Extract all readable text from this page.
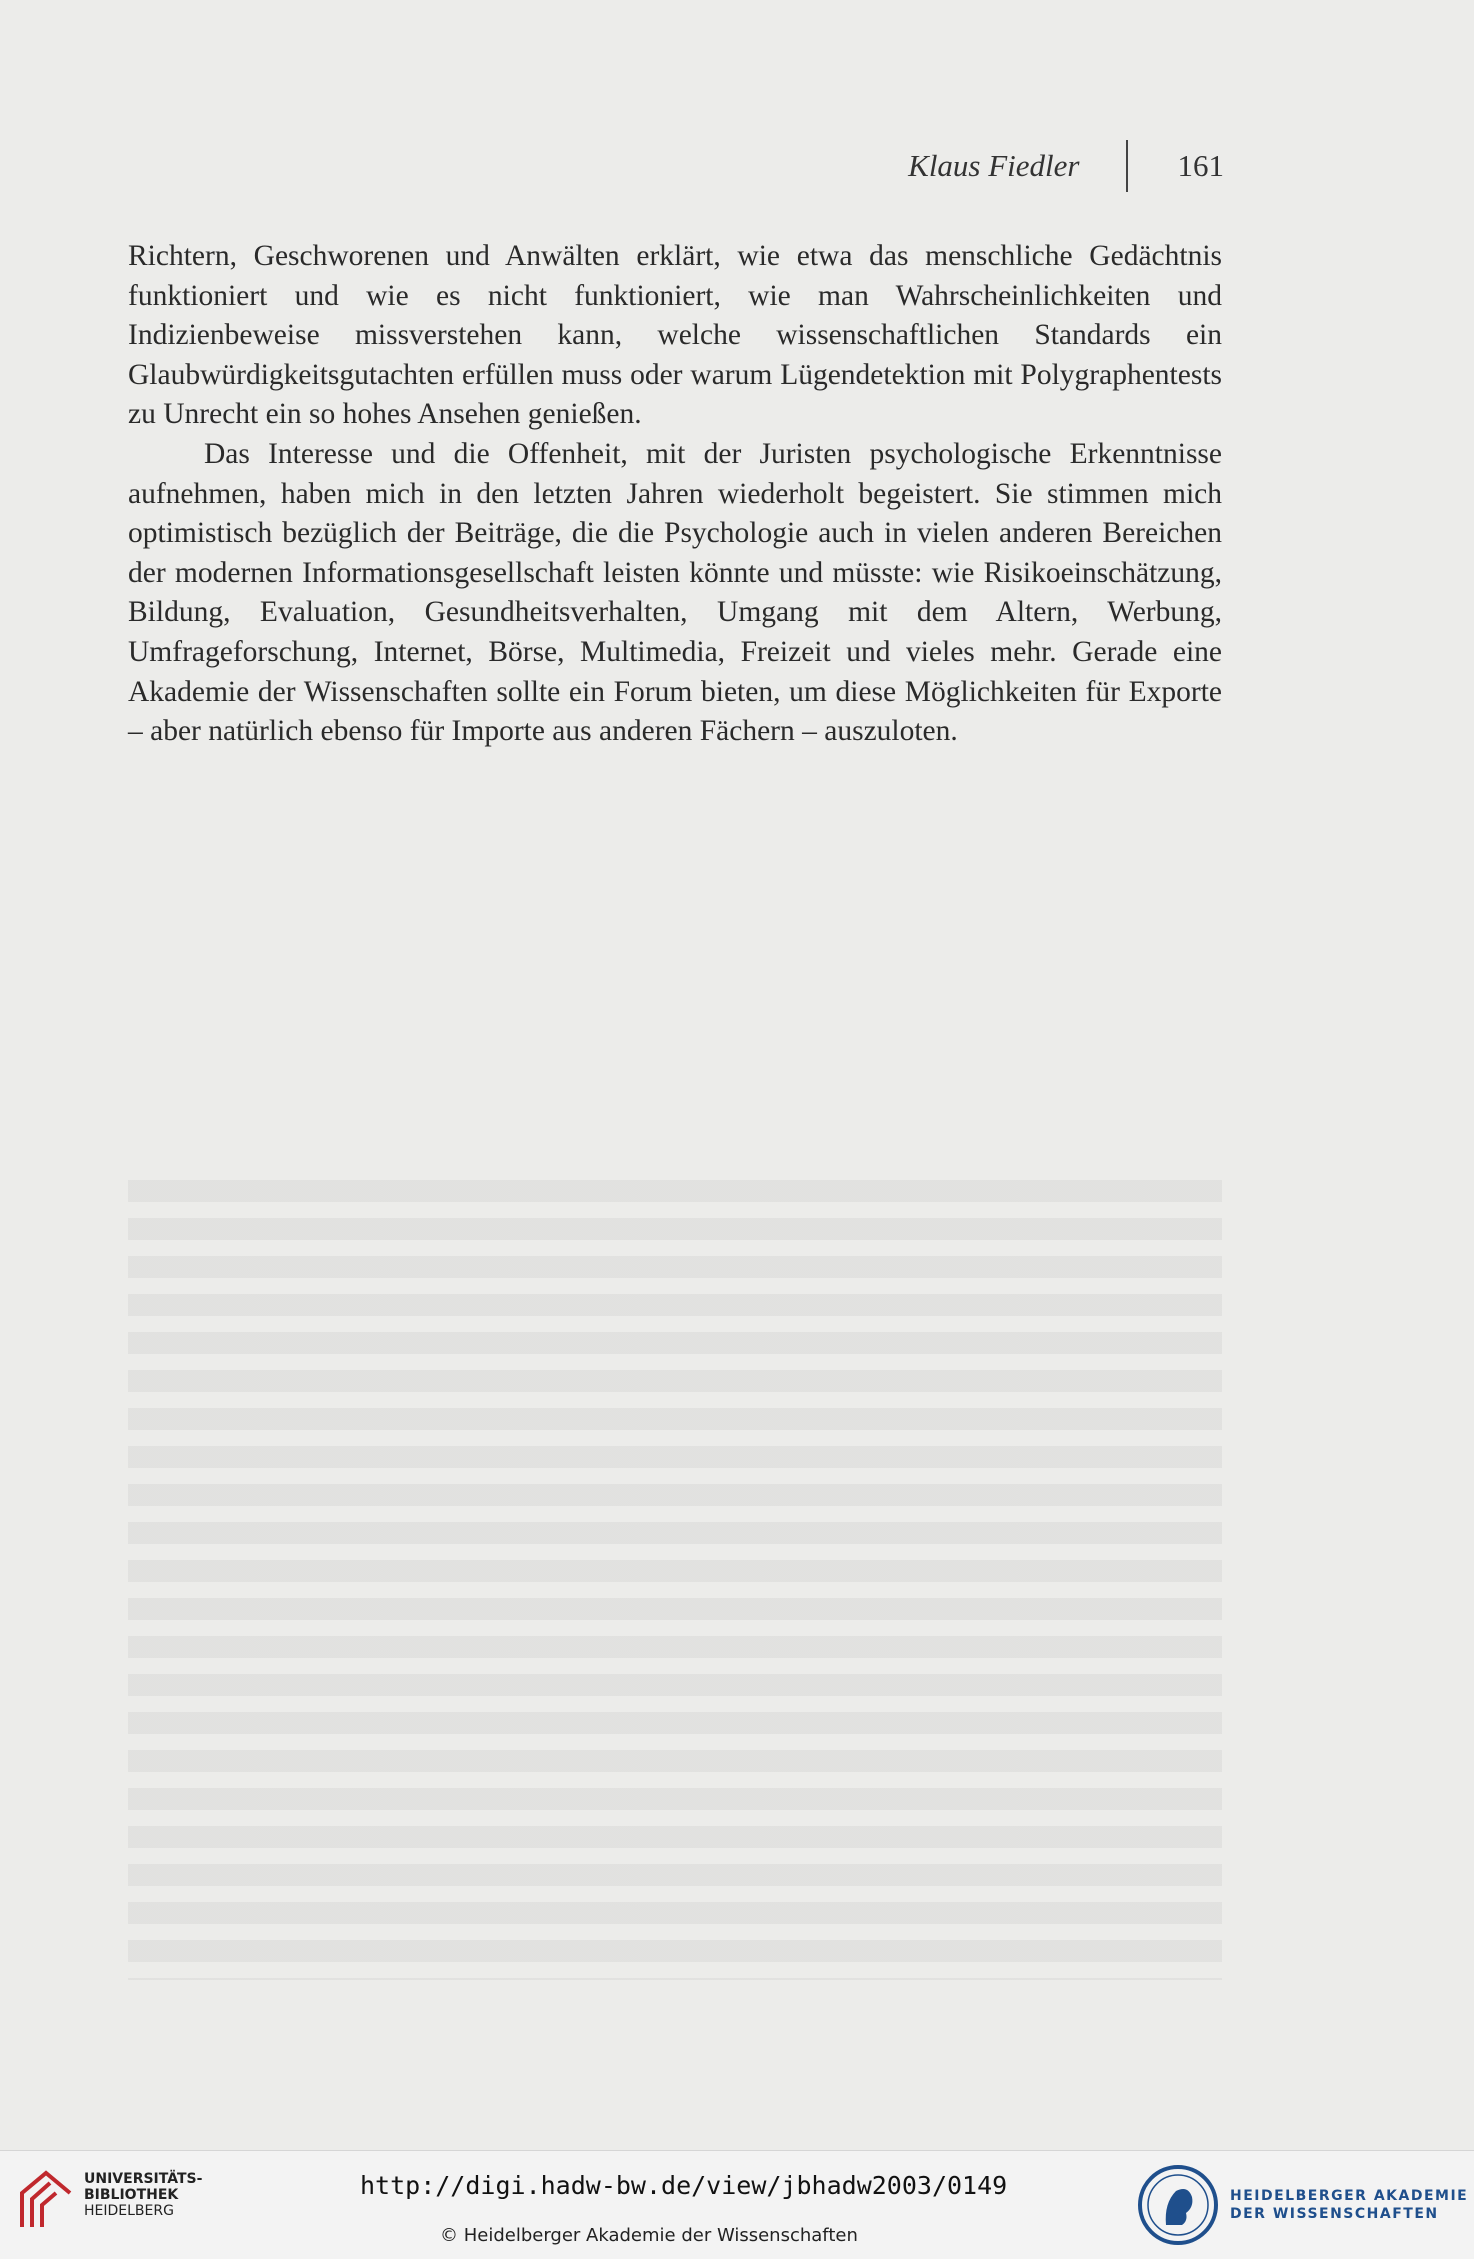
Klaus Fiedler	161

Richtern, Geschworenen und Anwälten erklärt, wie etwa das menschliche Gedächtnis funktioniert und wie es nicht funktioniert, wie man Wahrscheinlichkeiten und Indizienbeweise missverstehen kann, welche wissenschaftlichen Standards ein Glaubwürdigkeitsgutachten erfüllen muss oder warum Lügendetektion mit Polygraphentests zu Unrecht ein so hohes Ansehen genießen.

Das Interesse und die Offenheit, mit der Juristen psychologische Erkenntnisse aufnehmen, haben mich in den letzten Jahren wiederholt begeistert. Sie stimmen mich optimistisch bezüglich der Beiträge, die die Psychologie auch in vielen anderen Bereichen der modernen Informationsgesellschaft leisten könnte und müsste: wie Risikoeinschätzung, Bildung, Evaluation, Gesundheitsverhalten, Umgang mit dem Altern, Werbung, Umfrageforschung, Internet, Börse, Multimedia, Freizeit und vieles mehr. Gerade eine Akademie der Wissenschaften sollte ein Forum bieten, um diese Möglichkeiten für Exporte – aber natürlich ebenso für Importe aus anderen Fächern – auszuloten.

UNIVERSITÄTS-
BIBLIOTHEK
HEIDELBERG
http://digi.hadw-bw.de/view/jbhadw2003/0149
© Heidelberger Akademie der Wissenschaften
HEIDELBERGER AKADEMIE
DER WISSENSCHAFTEN
